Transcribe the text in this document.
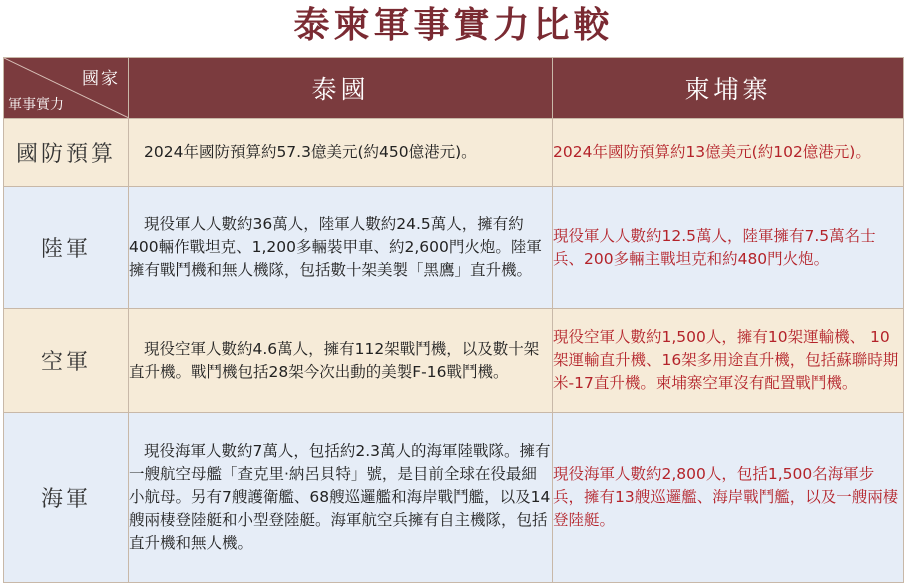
泰柬軍事實力比較
國家
軍事實力	泰國	柬埔寨
國防預算	2024年國防預算約57.3億美元(約450億港元)。	2024年國防預算約13億美元(約102億港元)。
陸軍	現役軍人人數約36萬人，陸軍人數約24.5萬人，擁有約400輛作戰坦克、1,200多輛裝甲車、約2,600門火炮。陸軍擁有戰鬥機和無人機隊，包括數十架美製「黑鷹」直升機。	現役軍人人數約12.5萬人，陸軍擁有7.5萬名士兵、200多輛主戰坦克和約480門火炮。
空軍	現役空軍人數約4.6萬人，擁有112架戰鬥機，以及數十架直升機。戰鬥機包括28架今次出動的美製F-16戰鬥機。	現役空軍人數約1,500人，擁有10架運輸機、 10架運輸直升機、16架多用途直升機，包括蘇聯時期米-17直升機。柬埔寨空軍沒有配置戰鬥機。
海軍	現役海軍人數約7萬人，包括約2.3萬人的海軍陸戰隊。擁有一艘航空母艦「查克里·納呂貝特」號，是目前全球在役最細小航母。另有7艘護衛艦、68艘巡邏艦和海岸戰鬥艦，以及14艘兩棲登陸艇和小型登陸艇。海軍航空兵擁有自主機隊，包括直升機和無人機。	現役海軍人數約2,800人，包括1,500名海軍步兵，擁有13艘巡邏艦、海岸戰鬥艦，以及一艘兩棲登陸艇。
